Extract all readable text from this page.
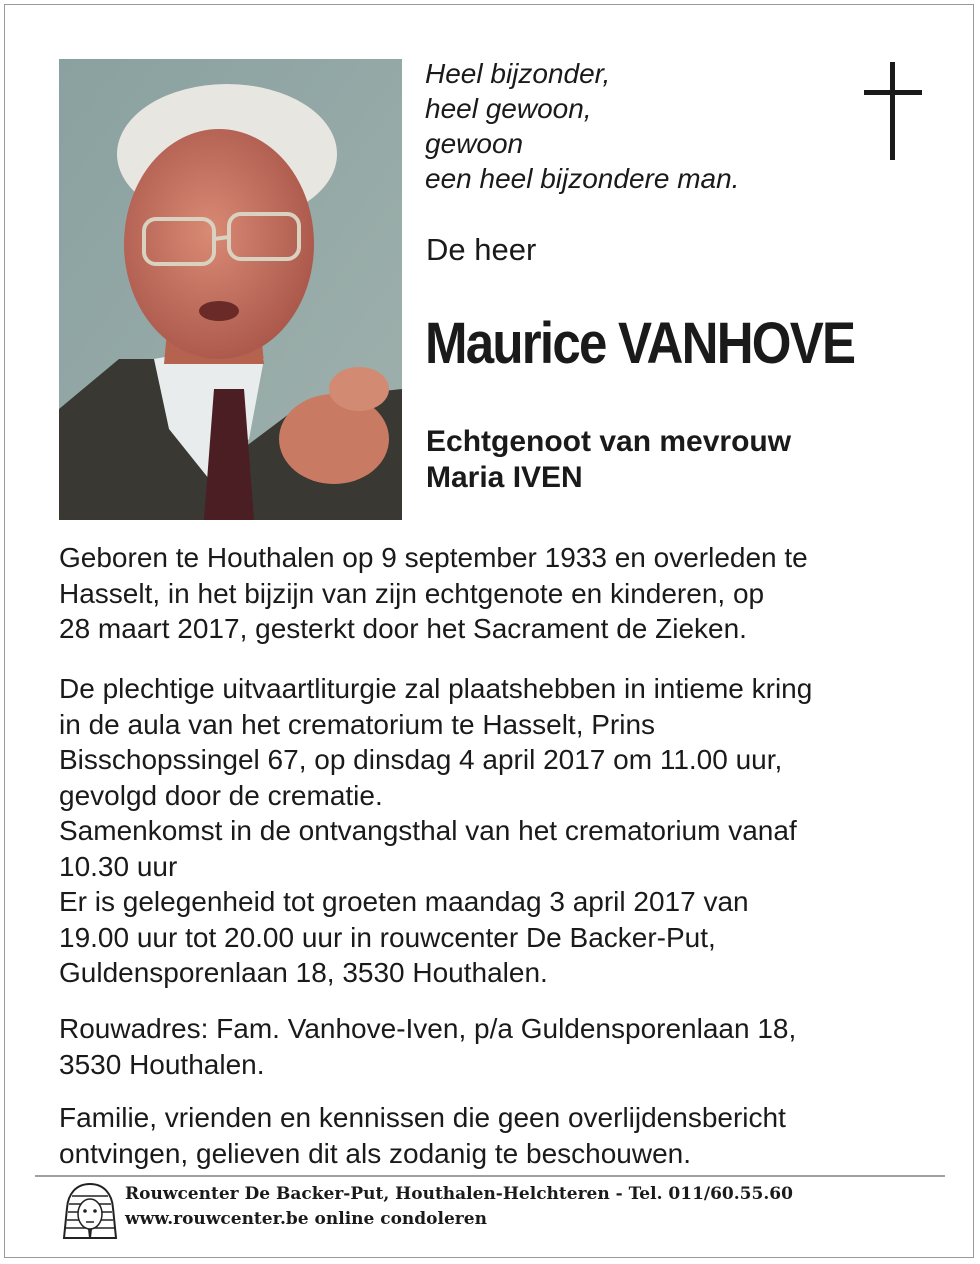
Heel bijzonder,
heel gewoon,
gewoon
een heel bijzondere man.
De heer
Maurice VANHOVE
Echtgenoot van mevrouw
Maria IVEN
Geboren te Houthalen op 9 september 1933 en overleden te
Hasselt, in het bijzijn van zijn echtgenote en kinderen, op
28 maart 2017, gesterkt door het Sacrament de Zieken.
De plechtige uitvaartliturgie zal plaatshebben in intieme kring
in de aula van het crematorium te Hasselt, Prins
Bisschopssingel 67, op dinsdag 4 april 2017 om 11.00 uur,
gevolgd door de crematie.
Samenkomst in de ontvangsthal van het crematorium vanaf
10.30 uur
Er is gelegenheid tot groeten maandag 3 april 2017 van
19.00 uur tot 20.00 uur in rouwcenter De Backer-Put,
Guldensporenlaan 18, 3530 Houthalen.
Rouwadres: Fam. Vanhove-Iven, p/a Guldensporenlaan 18,
3530 Houthalen.
Familie, vrienden en kennissen die geen overlijdensbericht
ontvingen, gelieven dit als zodanig te beschouwen.
Rouwcenter De Backer-Put, Houthalen-Helchteren - Tel. 011/60.55.60
www.rouwcenter.be online condoleren
